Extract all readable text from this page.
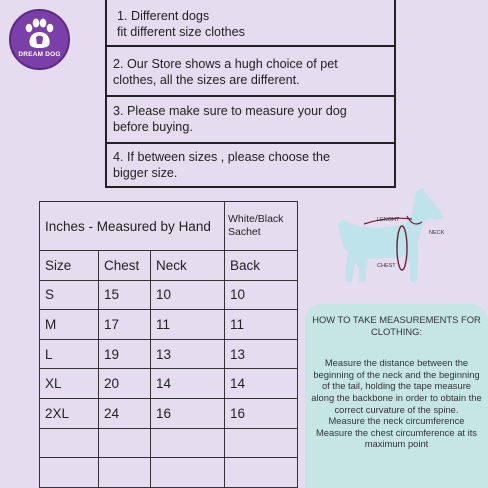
DREAM DOG
1. Different dogs
fit different size clothes
2. Our Store shows a hugh choice of pet
clothes, all the sizes are different.
3. Please make sure to measure your dog
before buying.
4. If between sizes , please choose the
bigger size.
Inches - Measured by Hand			White/Black Sachet
Size	Chest	Neck	Back
S	15	10	10
M	17	11	11
L	19	13	13
XL	20	14	14
2XL	24	16	16

LENGHT
NECK
CHEST
HOW TO TAKE MEASUREMENTS FOR CLOTHING:
Measure the distance between the beginning of the neck and the beginning of the tail, holding the tape measure along the backbone in order to obtain the correct curvature of the spine.
Measure the neck circumference
Measure the chest circumference at its maximum point
